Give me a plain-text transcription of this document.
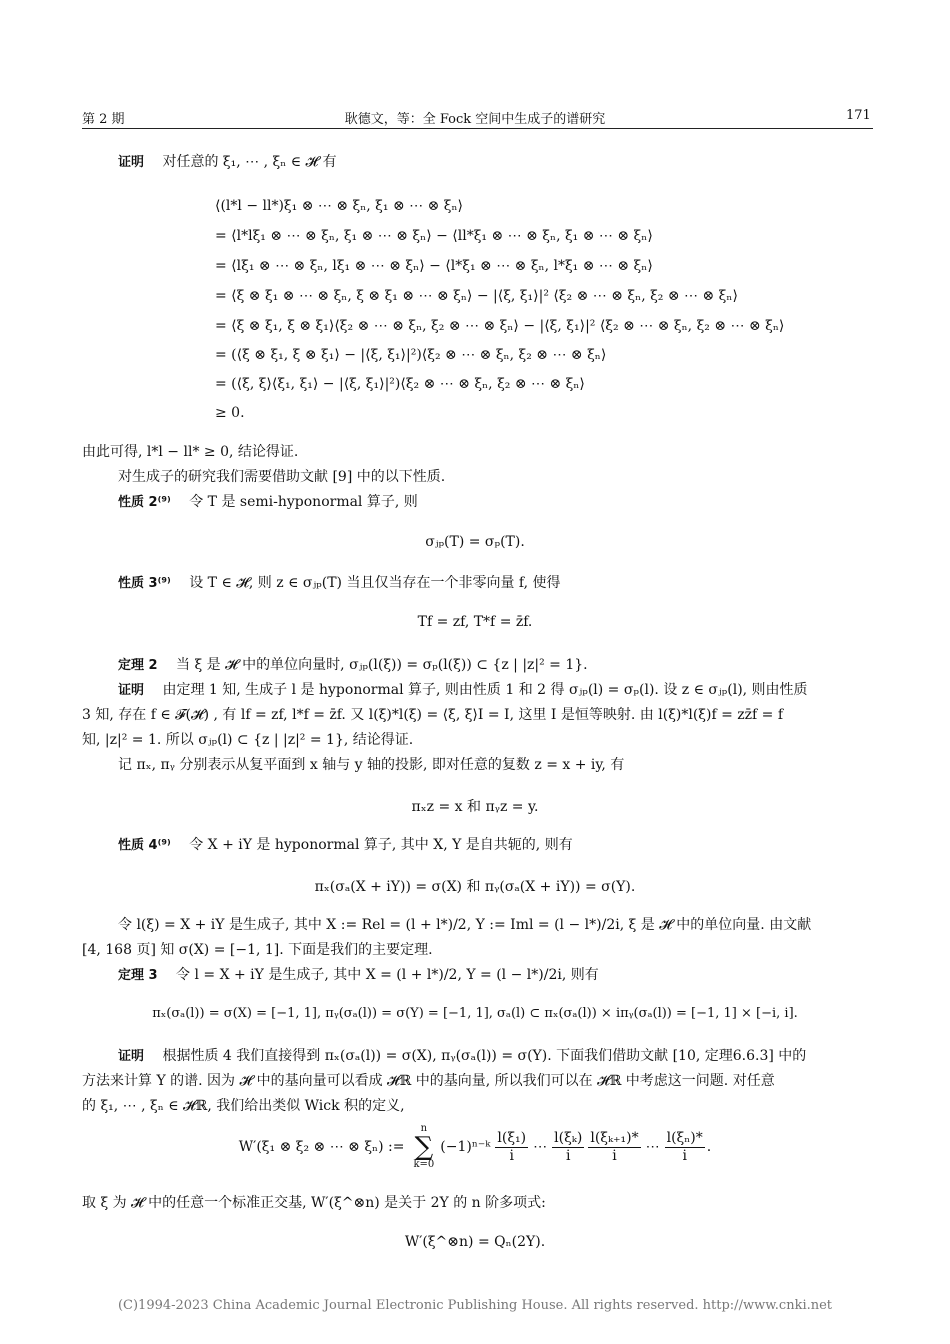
第 2 期	耿德文，等：全 Fock 空间中生成子的谱研究	171
证明 对任意的 ξ₁, ⋯ , ξₙ ∈ 𝓗 有
⟨(l*l − ll*)ξ₁ ⊗ ⋯ ⊗ ξₙ, ξ₁ ⊗ ⋯ ⊗ ξₙ⟩
= ⟨l*lξ₁ ⊗ ⋯ ⊗ ξₙ, ξ₁ ⊗ ⋯ ⊗ ξₙ⟩ − ⟨ll*ξ₁ ⊗ ⋯ ⊗ ξₙ, ξ₁ ⊗ ⋯ ⊗ ξₙ⟩
= ⟨lξ₁ ⊗ ⋯ ⊗ ξₙ, lξ₁ ⊗ ⋯ ⊗ ξₙ⟩ − ⟨l*ξ₁ ⊗ ⋯ ⊗ ξₙ, l*ξ₁ ⊗ ⋯ ⊗ ξₙ⟩
= ⟨ξ ⊗ ξ₁ ⊗ ⋯ ⊗ ξₙ, ξ ⊗ ξ₁ ⊗ ⋯ ⊗ ξₙ⟩ − |⟨ξ, ξ₁⟩|² ⟨ξ₂ ⊗ ⋯ ⊗ ξₙ, ξ₂ ⊗ ⋯ ⊗ ξₙ⟩
= ⟨ξ ⊗ ξ₁, ξ ⊗ ξ₁⟩⟨ξ₂ ⊗ ⋯ ⊗ ξₙ, ξ₂ ⊗ ⋯ ⊗ ξₙ⟩ − |⟨ξ, ξ₁⟩|² ⟨ξ₂ ⊗ ⋯ ⊗ ξₙ, ξ₂ ⊗ ⋯ ⊗ ξₙ⟩
= (⟨ξ ⊗ ξ₁, ξ ⊗ ξ₁⟩ − |⟨ξ, ξ₁⟩|²)⟨ξ₂ ⊗ ⋯ ⊗ ξₙ, ξ₂ ⊗ ⋯ ⊗ ξₙ⟩
= (⟨ξ, ξ⟩⟨ξ₁, ξ₁⟩ − |⟨ξ, ξ₁⟩|²)⟨ξ₂ ⊗ ⋯ ⊗ ξₙ, ξ₂ ⊗ ⋯ ⊗ ξₙ⟩
≥ 0.
由此可得, l*l − ll* ≥ 0, 结论得证.
对生成子的研究我们需要借助文献 [9] 中的以下性质.
性质 2⁽⁹⁾ 令 T 是 semi-hyponormal 算子, 则
σⱼₚ(T) = σₚ(T).
性质 3⁽⁹⁾ 设 T ∈ 𝓗, 则 z ∈ σⱼₚ(T) 当且仅当存在一个非零向量 f, 使得
Tf = zf, T*f = z̄f.
定理 2 当 ξ 是 𝓗 中的单位向量时, σⱼₚ(l(ξ)) = σₚ(l(ξ)) ⊂ {z | |z|² = 1}.
证明 由定理 1 知, 生成子 l 是 hyponormal 算子, 则由性质 1 和 2 得 σⱼₚ(l) = σₚ(l). 设 z ∈ σⱼₚ(l), 则由性质
3 知, 存在 f ∈ 𝓕(𝓗) , 有 lf = zf, l*f = z̄f. 又 l(ξ)*l(ξ) = ⟨ξ, ξ⟩I = I, 这里 I 是恒等映射. 由 l(ξ)*l(ξ)f = zz̄f = f
知, |z|² = 1. 所以 σⱼₚ(l) ⊂ {z | |z|² = 1}, 结论得证.
记 πₓ, πᵧ 分别表示从复平面到 x 轴与 y 轴的投影, 即对任意的复数 z = x + iy, 有
πₓz = x 和 πᵧz = y.
性质 4⁽⁹⁾ 令 X + iY 是 hyponormal 算子, 其中 X, Y 是自共轭的, 则有
πₓ(σₐ(X + iY)) = σ(X) 和 πᵧ(σₐ(X + iY)) = σ(Y).
令 l(ξ) = X + iY 是生成子, 其中 X := Rel = (l + l*)/2, Y := Iml = (l − l*)/2i, ξ 是 𝓗 中的单位向量. 由文献
[4, 168 页] 知 σ(X) = [−1, 1]. 下面是我们的主要定理.
定理 3 令 l = X + iY 是生成子, 其中 X = (l + l*)/2, Y = (l − l*)/2i, 则有
πₓ(σₐ(l)) = σ(X) = [−1, 1], πᵧ(σₐ(l)) = σ(Y) = [−1, 1], σₐ(l) ⊂ πₓ(σₐ(l)) × iπᵧ(σₐ(l)) = [−1, 1] × [−i, i].
证明 根据性质 4 我们直接得到 πₓ(σₐ(l)) = σ(X), πᵧ(σₐ(l)) = σ(Y). 下面我们借助文献 [10, 定理6.6.3] 中的
方法来计算 Y 的谱. 因为 𝓗 中的基向量可以看成 𝓗ℝ 中的基向量, 所以我们可以在 𝓗ℝ 中考虑这一问题. 对任意
的 ξ₁, ⋯ , ξₙ ∈ 𝓗ℝ, 我们给出类似 Wick 积的定义,
W′(ξ₁ ⊗ ξ₂ ⊗ ⋯ ⊗ ξₙ) :=
n
∑
k=0
(−1)ⁿ⁻ᵏ $\frac{\text{l(ξ₁)}}{i}$ ⋯ $\frac{\text{l(ξₖ)}}{i} \frac{\text{l(ξₖ₊₁)*}}{i}$ ⋯ $\frac{\text{l(ξₙ)*}}{i}$ .
取 ξ 为 𝓗 中的任意一个标准正交基, W′(ξ^⊗n) 是关于 2Y 的 n 阶多项式:
W′(ξ^⊗n) = Qₙ(2Y).
(C)1994-2023 China Academic Journal Electronic Publishing House. All rights reserved. http://www.cnki.net
